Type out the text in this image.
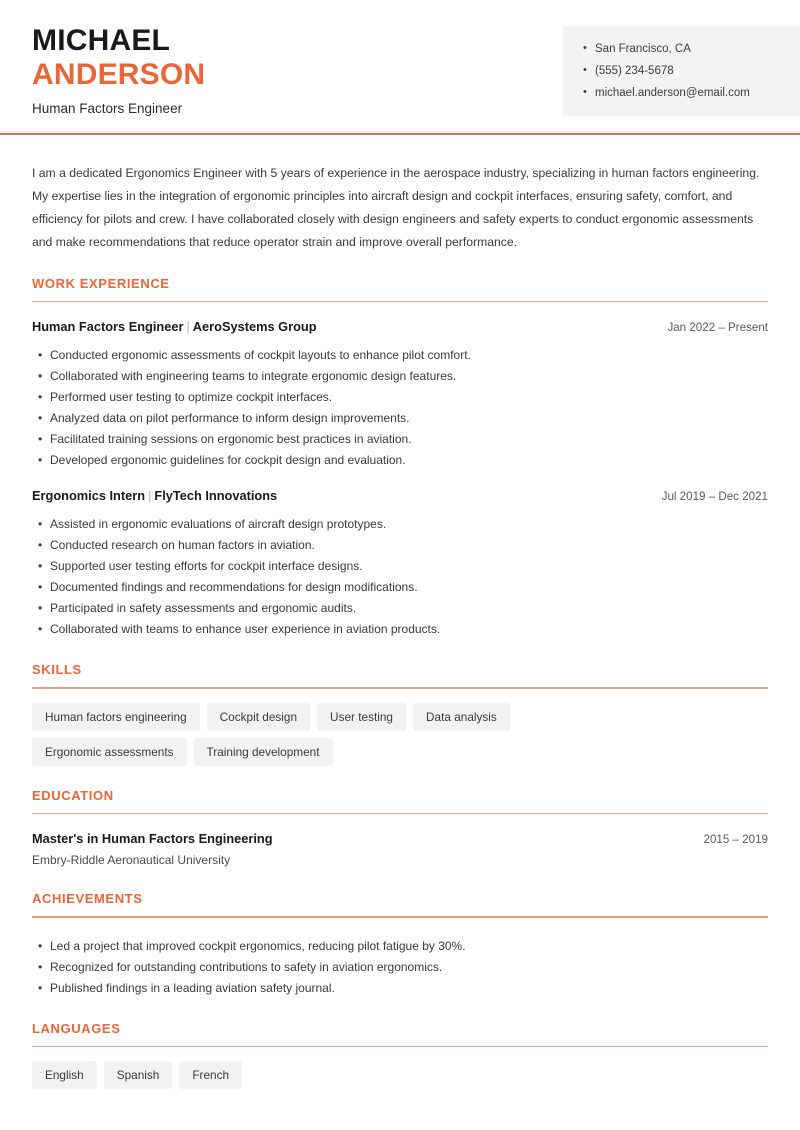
MICHAEL
ANDERSON
Human Factors Engineer
• San Francisco, CA
• (555) 234-5678
• michael.anderson@email.com

I am a dedicated Ergonomics Engineer with 5 years of experience in the aerospace industry, specializing in human factors engineering. My expertise lies in the integration of ergonomic principles into aircraft design and cockpit interfaces, ensuring safety, comfort, and efficiency for pilots and crew. I have collaborated closely with design engineers and safety experts to conduct ergonomic assessments and make recommendations that reduce operator strain and improve overall performance.

WORK EXPERIENCE
Human Factors Engineer | AeroSystems Group	Jan 2022 – Present
• Conducted ergonomic assessments of cockpit layouts to enhance pilot comfort.
• Collaborated with engineering teams to integrate ergonomic design features.
• Performed user testing to optimize cockpit interfaces.
• Analyzed data on pilot performance to inform design improvements.
• Facilitated training sessions on ergonomic best practices in aviation.
• Developed ergonomic guidelines for cockpit design and evaluation.
Ergonomics Intern | FlyTech Innovations	Jul 2019 – Dec 2021
• Assisted in ergonomic evaluations of aircraft design prototypes.
• Conducted research on human factors in aviation.
• Supported user testing efforts for cockpit interface designs.
• Documented findings and recommendations for design modifications.
• Participated in safety assessments and ergonomic audits.
• Collaborated with teams to enhance user experience in aviation products.
SKILLS
Human factors engineering	Cockpit design	User testing	Data analysis
Ergonomic assessments	Training development
EDUCATION
Master's in Human Factors Engineering	2015 – 2019
Embry-Riddle Aeronautical University
ACHIEVEMENTS
• Led a project that improved cockpit ergonomics, reducing pilot fatigue by 30%.
• Recognized for outstanding contributions to safety in aviation ergonomics.
• Published findings in a leading aviation safety journal.
LANGUAGES
English	Spanish	French
